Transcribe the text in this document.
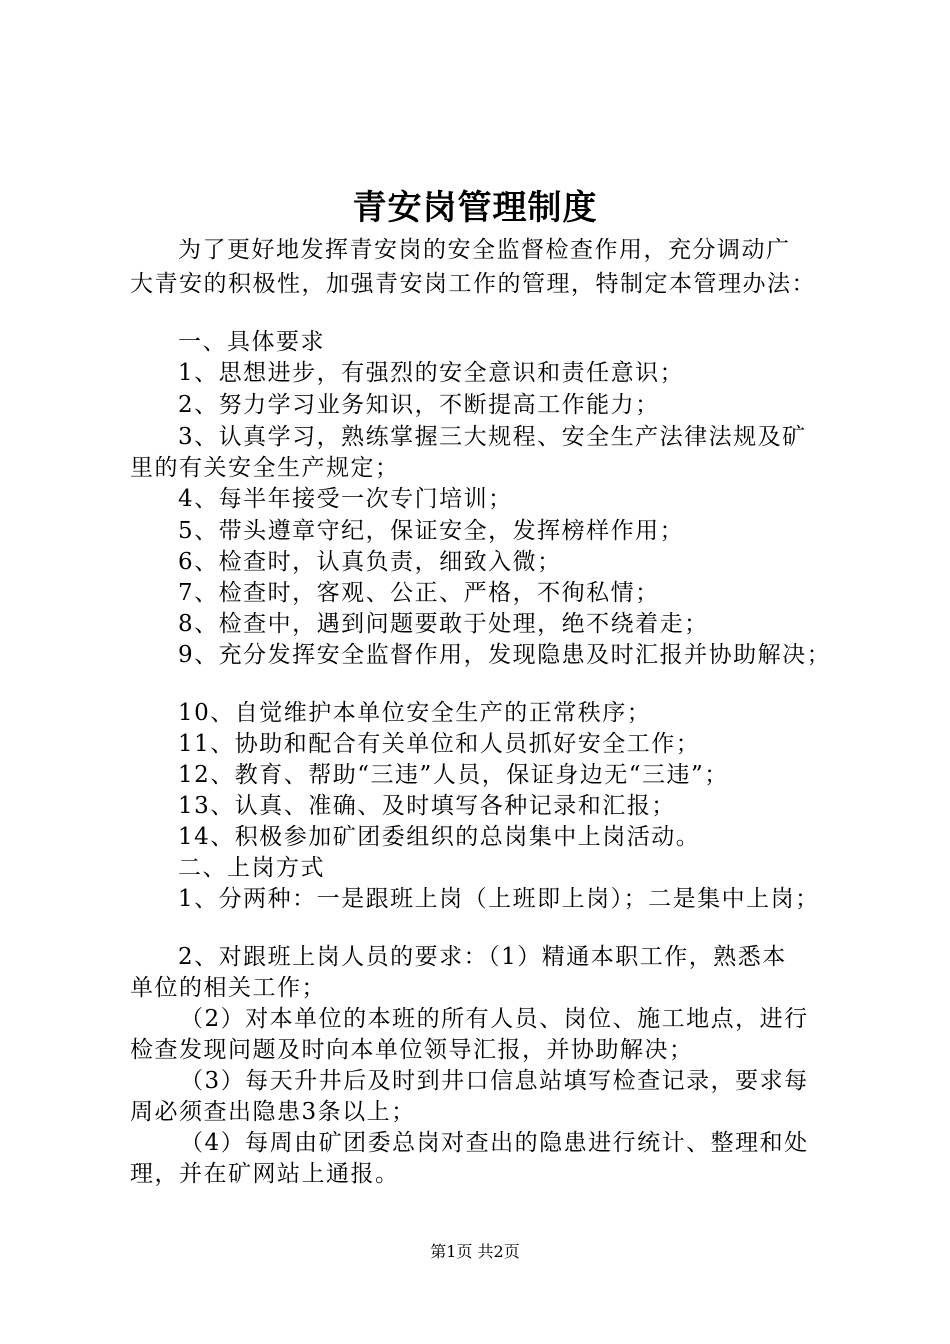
青安岗管理制度
为了更好地发挥青安岗的安全监督检查作用，充分调动广
大青安的积极性，加强青安岗工作的管理，特制定本管理办法：
一、具体要求
1、思想进步，有强烈的安全意识和责任意识；
2、努力学习业务知识，不断提高工作能力；
3、认真学习，熟练掌握三大规程、安全生产法律法规及矿
里的有关安全生产规定；
4、每半年接受一次专门培训；
5、带头遵章守纪，保证安全，发挥榜样作用；
6、检查时，认真负责，细致入微；
7、检查时，客观、公正、严格，不徇私情；
8、检查中，遇到问题要敢于处理，绝不绕着走；
9、充分发挥安全监督作用，发现隐患及时汇报并协助解决；
10、自觉维护本单位安全生产的正常秩序；
11、协助和配合有关单位和人员抓好安全工作；
12、教育、帮助“三违”人员，保证身边无“三违”；
13、认真、准确、及时填写各种记录和汇报；
14、积极参加矿团委组织的总岗集中上岗活动。
二、上岗方式
1、分两种：一是跟班上岗（上班即上岗）；二是集中上岗；
2、对跟班上岗人员的要求：（1）精通本职工作，熟悉本
单位的相关工作；
（2）对本单位的本班的所有人员、岗位、施工地点，进行
检查发现问题及时向本单位领导汇报，并协助解决；
（3）每天升井后及时到井口信息站填写检查记录，要求每
周必须查出隐患3条以上；
（4）每周由矿团委总岗对查出的隐患进行统计、整理和处
理，并在矿网站上通报。
第1页 共2页
